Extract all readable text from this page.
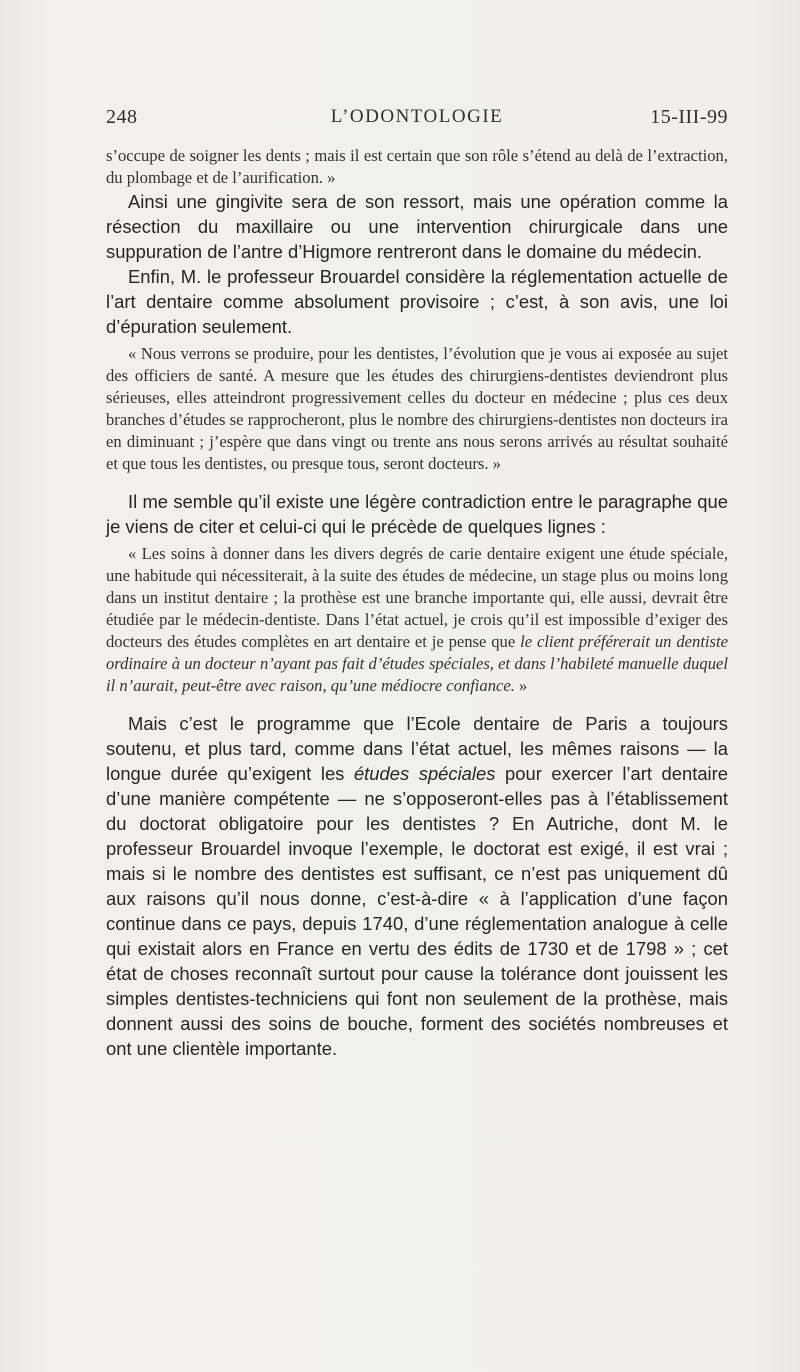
248	L’ODONTOLOGIE	15-III-99

s’occupe de soigner les dents ; mais il est certain que son rôle s’étend au delà de l’extraction, du plombage et de l’aurification. »

Ainsi une gingivite sera de son ressort, mais une opération comme la résection du maxillaire ou une intervention chirurgicale dans une suppuration de l’antre d’Higmore rentreront dans le domaine du médecin.

Enfin, M. le professeur Brouardel considère la réglementation actuelle de l’art dentaire comme absolument provisoire ; c’est, à son avis, une loi d’épuration seulement.

« Nous verrons se produire, pour les dentistes, l’évolution que je vous ai exposée au sujet des officiers de santé. A mesure que les études des chirurgiens-dentistes deviendront plus sérieuses, elles atteindront progressivement celles du docteur en médecine ; plus ces deux branches d’études se rapprocheront, plus le nombre des chirurgiens-dentistes non docteurs ira en diminuant ; j’espère que dans vingt ou trente ans nous serons arrivés au résultat souhaité et que tous les dentistes, ou presque tous, seront docteurs. »

Il me semble qu’il existe une légère contradiction entre le paragraphe que je viens de citer et celui-ci qui le précède de quelques lignes :

« Les soins à donner dans les divers degrés de carie dentaire exigent une étude spéciale, une habitude qui nécessiterait, à la suite des études de médecine, un stage plus ou moins long dans un institut dentaire ; la prothèse est une branche importante qui, elle aussi, devrait être étudiée par le médecin-dentiste. Dans l’état actuel, je crois qu’il est impossible d’exiger des docteurs des études complètes en art dentaire et je pense que le client préférerait un dentiste ordinaire à un docteur n’ayant pas fait d’études spéciales, et dans l’habileté manuelle duquel il n’aurait, peut-être avec raison, qu’une médiocre confiance. »

Mais c’est le programme que l’Ecole dentaire de Paris a toujours soutenu, et plus tard, comme dans l’état actuel, les mêmes raisons — la longue durée qu’exigent les études spéciales pour exercer l’art dentaire d’une manière compétente — ne s’opposeront-elles pas à l’établissement du doctorat obligatoire pour les dentistes ? En Autriche, dont M. le professeur Brouardel invoque l’exemple, le doctorat est exigé, il est vrai ; mais si le nombre des dentistes est suffisant, ce n’est pas uniquement dû aux raisons qu’il nous donne, c’est-à-dire « à l’application d’une façon continue dans ce pays, depuis 1740, d’une réglementation analogue à celle qui existait alors en France en vertu des édits de 1730 et de 1798 » ; cet état de choses reconnaît surtout pour cause la tolérance dont jouissent les simples dentistes-techniciens qui font non seulement de la prothèse, mais donnent aussi des soins de bouche, forment des sociétés nombreuses et ont une clientèle importante.
